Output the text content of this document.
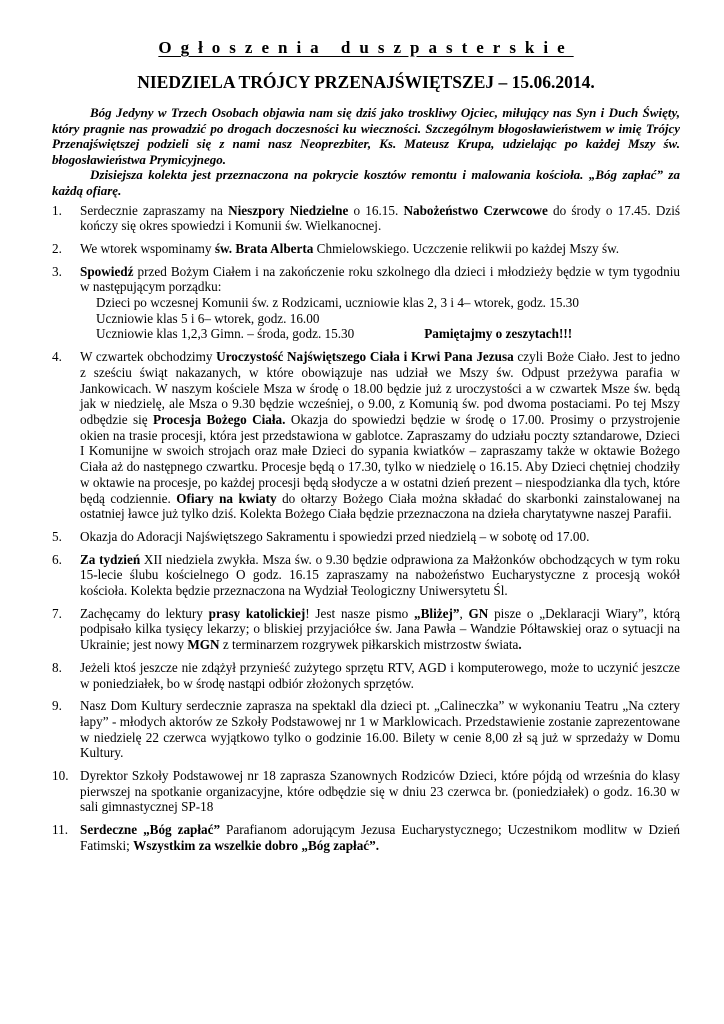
Ogłoszenia duszpasterskie
NIEDZIELA TRÓJCY PRZENAJŚWIĘTSZEJ – 15.06.2014.

Bóg Jedyny w Trzech Osobach objawia nam się dziś jako troskliwy Ojciec, miłujący nas Syn i Duch Święty, który pragnie nas prowadzić po drogach doczesności ku wieczności. Szczególnym błogosławieństwem w imię Trójcy Przenajświętszej podzieli się z nami nasz Neoprezbiter, Ks. Mateusz Krupa, udzielając po każdej Mszy św. błogosławieństwa Prymicyjnego.

Dzisiejsza kolekta jest przeznaczona na pokrycie kosztów remontu i malowania kościoła. „Bóg zapłać” za każdą ofiarę.

1. Serdecznie zapraszamy na Nieszpory Niedzielne o 16.15. Nabożeństwo Czerwcowe do środy o 17.45. Dziś kończy się okres spowiedzi i Komunii św. Wielkanocnej.
2. We wtorek wspominamy św. Brata Alberta Chmielowskiego. Uczczenie relikwii po każdej Mszy św.
3. Spowiedź przed Bożym Ciałem i na zakończenie roku szkolnego dla dzieci i młodzieży będzie w tym tygodniu w następującym porządku:
Dzieci po wczesnej Komunii św. z Rodzicami, uczniowie klas 2, 3 i 4– wtorek, godz. 15.30
Uczniowie klas 5 i 6– wtorek, godz. 16.00
Uczniowie klas 1,2,3 Gimn. – środa, godz. 15.30	Pamiętajmy o zeszytach!!!
4. W czwartek obchodzimy Uroczystość Najświętszego Ciała i Krwi Pana Jezusa czyli Boże Ciało. Jest to jedno z sześciu świąt nakazanych, w które obowiązuje nas udział we Mszy św. Odpust przeżywa parafia w Jankowicach. W naszym kościele Msza w środę o 18.00 będzie już z uroczystości a w czwartek Msze św. będą jak w niedzielę, ale Msza o 9.30 będzie wcześniej, o 9.00, z Komunią św. pod dwoma postaciami. Po tej Mszy odbędzie się Procesja Bożego Ciała. Okazja do spowiedzi będzie w środę o 17.00. Prosimy o przystrojenie okien na trasie procesji, która jest przedstawiona w gablotce. Zapraszamy do udziału poczty sztandarowe, Dzieci I Komunijne w swoich strojach oraz małe Dzieci do sypania kwiatków – zapraszamy także w oktawie Bożego Ciała aż do następnego czwartku. Procesje będą o 17.30, tylko w niedzielę o 16.15. Aby Dzieci chętniej chodziły w oktawie na procesje, po każdej procesji będą słodycze a w ostatni dzień prezent – niespodzianka dla tych, które będą codziennie. Ofiary na kwiaty do ołtarzy Bożego Ciała można składać do skarbonki zainstalowanej na ostatniej ławce już tylko dziś. Kolekta Bożego Ciała będzie przeznaczona na dzieła charytatywne naszej Parafii.
5. Okazja do Adoracji Najświętszego Sakramentu i spowiedzi przed niedzielą – w sobotę od 17.00.
6. Za tydzień XII niedziela zwykła. Msza św. o 9.30 będzie odprawiona za Małżonków obchodzących w tym roku 15-lecie ślubu kościelnego O godz. 16.15 zapraszamy na nabożeństwo Eucharystyczne z procesją wokół kościoła. Kolekta będzie przeznaczona na Wydział Teologiczny Uniwersytetu Śl.
7. Zachęcamy do lektury prasy katolickiej! Jest nasze pismo „Bliżej”, GN pisze o „Deklaracji Wiary”, którą podpisało kilka tysięcy lekarzy; o bliskiej przyjaciółce św. Jana Pawła – Wandzie Półtawskiej oraz o sytuacji na Ukrainie; jest nowy MGN z terminarzem rozgrywek piłkarskich mistrzostw świata.
8. Jeżeli ktoś jeszcze nie zdążył przynieść zużytego sprzętu RTV, AGD i komputerowego, może to uczynić jeszcze w poniedziałek, bo w środę nastąpi odbiór złożonych sprzętów.
9. Nasz Dom Kultury serdecznie zaprasza na spektakl dla dzieci pt. „Calineczka” w wykonaniu Teatru „Na cztery łapy” - młodych aktorów ze Szkoły Podstawowej nr 1 w Marklowicach. Przedstawienie zostanie zaprezentowane w niedzielę 22 czerwca wyjątkowo tylko o godzinie 16.00. Bilety w cenie 8,00 zł są już w sprzedaży w Domu Kultury.
10. Dyrektor Szkoły Podstawowej nr 18 zaprasza Szanownych Rodziców Dzieci, które pójdą od września do klasy pierwszej na spotkanie organizacyjne, które odbędzie się w dniu 23 czerwca br. (poniedziałek) o godz. 16.30 w sali gimnastycznej SP-18
11. Serdeczne „Bóg zapłać” Parafianom adorującym Jezusa Eucharystycznego; Uczestnikom modlitw w Dzień Fatimski; Wszystkim za wszelkie dobro „Bóg zapłać”.
